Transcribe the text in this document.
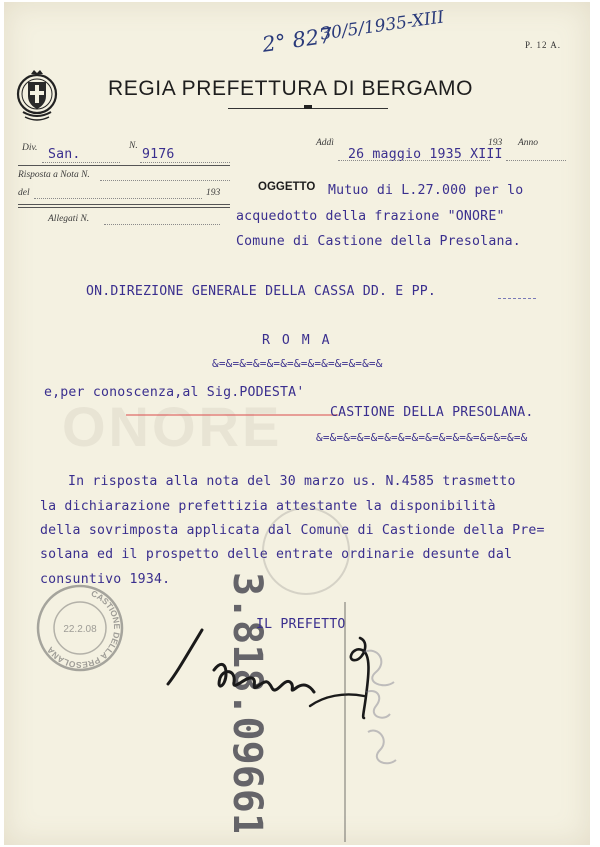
ONORE
2° 827
30/5/1935-XIII
P. 12 A.
REGIA PREFETTURA DI BERGAMO
Div. San.
N.
9176
Risposta a Nota N.
del	193
Allegati N.
Addì
26 maggio 1935 XIII
193 Anno
OGGETTO Mutuo di L.27.000 per lo
acquedotto della frazione "ONORE"
Comune di Castione della Presolana.
ON.DIREZIONE GENERALE DELLA CASSA DD. E PP.
R O M A
&=&=&=&=&=&=&=&=&=&=&=&=&
e,per conoscenza,al Sig.PODESTA'
CASTIONE DELLA PRESOLANA.
&=&=&=&=&=&=&=&=&=&=&=&=&=&=&=&
In risposta alla nota del 30 marzo us. N.4585 trasmetto
la dichiarazione prefettizia attestante la disponibilità
della sovrimposta applicata dal Comune di Castionde della Pre=
solana ed il prospetto delle entrate ordinarie desunte dal
consuntivo 1934.
CASTIONE DELLA PRESOLANA
22.2.08	3.818.09661
IL PREFETTO
